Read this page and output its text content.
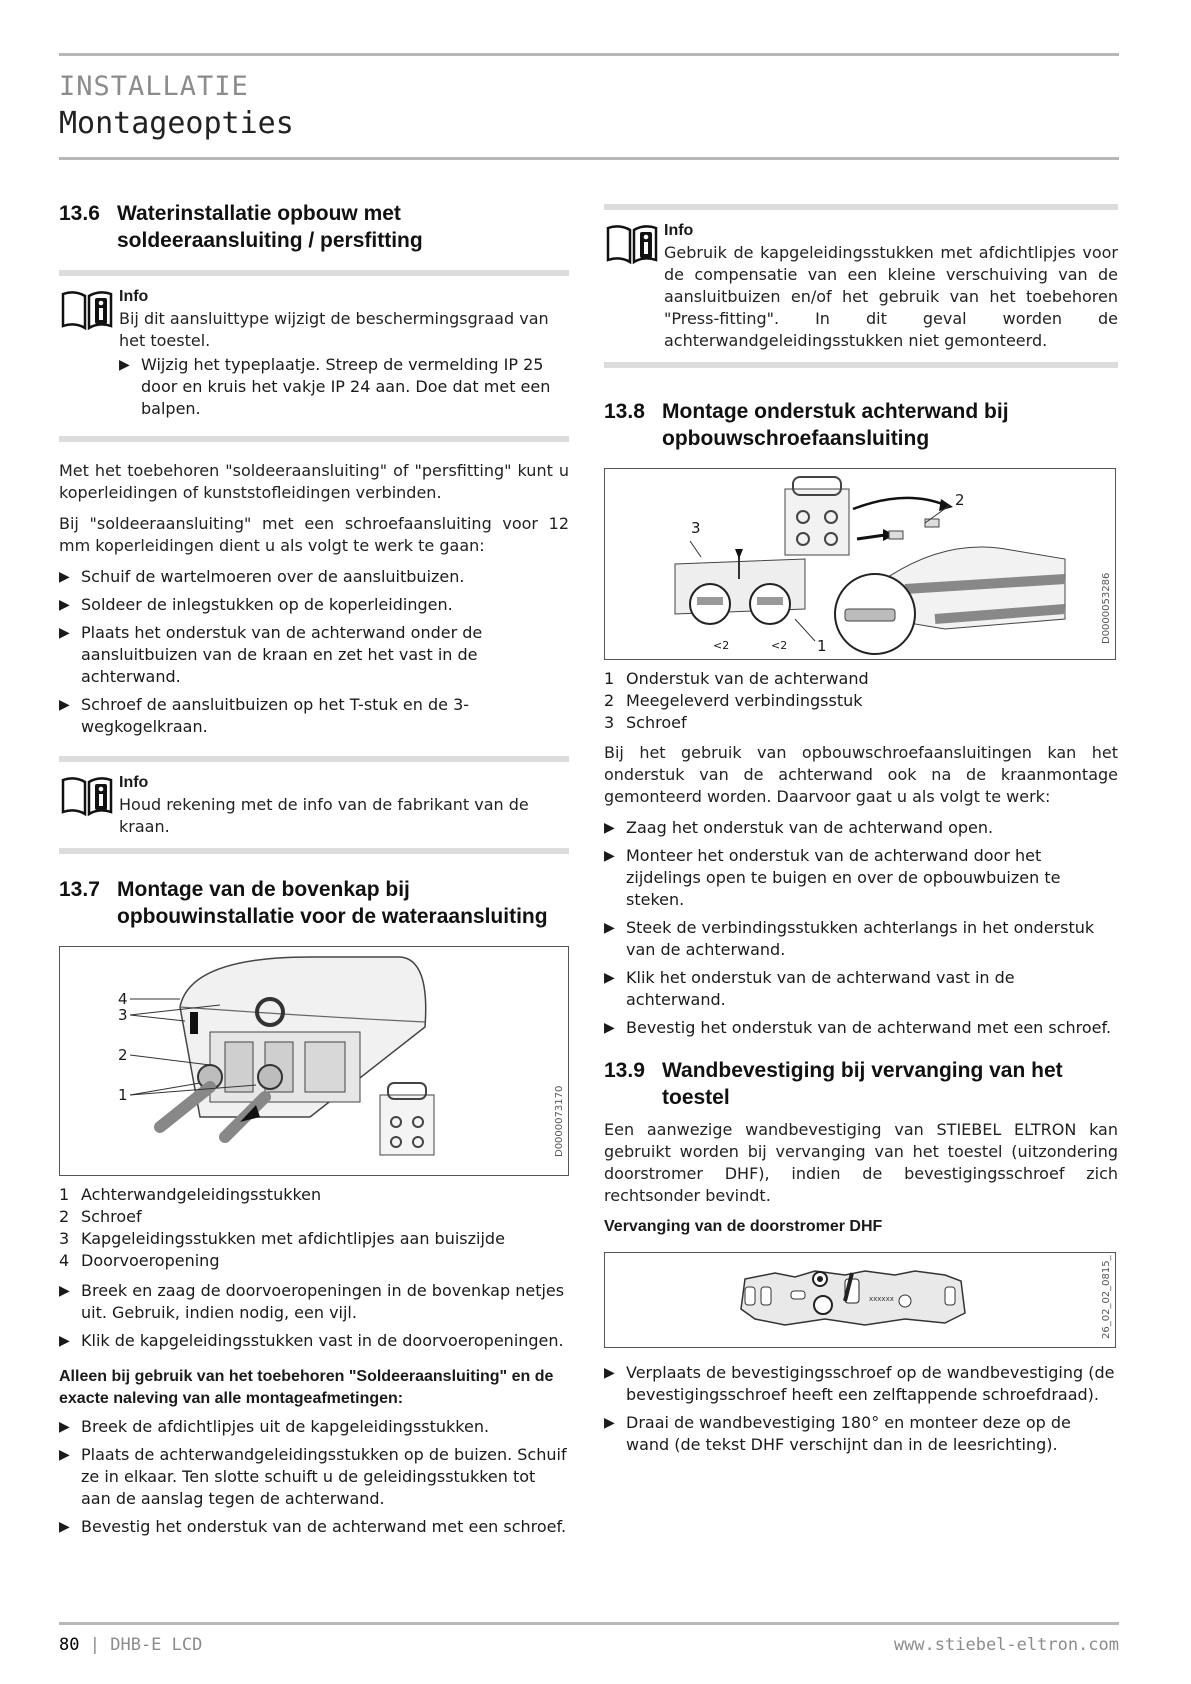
INSTALLATIE
Montageopties
13.6 Waterinstallatie opbouw met soldeeraansluiting / persfitting
Info
Bij dit aansluittype wijzigt de beschermingsgraad van het toestel.
▶ Wijzig het typeplaatje. Streep de vermelding IP 25 door en kruis het vakje IP 24 aan. Doe dat met een balpen.

Met het toebehoren "soldeeraansluiting" of "persfitting" kunt u koperleidingen of kunststofleidingen verbinden.

Bij "soldeeraansluiting" met een schroefaansluiting voor 12 mm koperleidingen dient u als volgt te werk te gaan:

▶ Schuif de wartelmoeren over de aansluitbuizen.
▶ Soldeer de inlegstukken op de koperleidingen.
▶ Plaats het onderstuk van de achterwand onder de aansluitbuizen van de kraan en zet het vast in de achterwand.
▶ Schroef de aansluitbuizen op het T-stuk en de 3-wegkogelkraan.
Info
Houd rekening met de info van de fabrikant van de kraan.
13.7 Montage van de bovenkap bij opbouwinstallatie voor de wateraansluiting
4
3
2
1	D0000073170
1 Achterwandgeleidingsstukken
2 Schroef
3 Kapgeleidingsstukken met afdichtlipjes aan buiszijde
4 Doorvoeropening
▶ Breek en zaag de doorvoeropeningen in de bovenkap netjes uit. Gebruik, indien nodig, een vijl.
▶ Klik de kapgeleidingsstukken vast in de doorvoeropeningen.
Alleen bij gebruik van het toebehoren "Soldeeraansluiting" en de exacte naleving van alle montageafmetingen:
▶ Breek de afdichtlipjes uit de kapgeleidingsstukken.
▶ Plaats de achterwandgeleidingsstukken op de buizen. Schuif ze in elkaar. Ten slotte schuift u de geleidingsstukken tot aan de aanslag tegen de achterwand.
▶ Bevestig het onderstuk van de achterwand met een schroef.
Info
Gebruik de kapgeleidingsstukken met afdichtlipjes voor de compensatie van een kleine verschuiving van de aansluitbuizen en/of het gebruik van het toebehoren "Press-fitting". In dit geval worden de achterwandgeleidingsstukken niet gemonteerd.
13.8 Montage onderstuk achterwand bij opbouwschroefaansluiting
2
3
1
<2	<2
D0000053286
1 Onderstuk van de achterwand
2 Meegeleverd verbindingsstuk
3 Schroef

Bij het gebruik van opbouwschroefaansluitingen kan het onderstuk van de achterwand ook na de kraanmontage gemonteerd worden. Daarvoor gaat u als volgt te werk:

▶ Zaag het onderstuk van de achterwand open.
▶ Monteer het onderstuk van de achterwand door het zijdelings open te buigen en over de opbouwbuizen te steken.
▶ Steek de verbindingsstukken achterlangs in het onderstuk van de achterwand.
▶ Klik het onderstuk van de achterwand vast in de achterwand.
▶ Bevestig het onderstuk van de achterwand met een schroef.
13.9 Wandbevestiging bij vervanging van het toestel

Een aanwezige wandbevestiging van STIEBEL ELTRON kan gebruikt worden bij vervanging van het toestel (uitzondering doorstromer DHF), indien de bevestigingsschroef zich rechtsonder bevindt.

Vervanging van de doorstromer DHF
xxxxxx	26_02_02_0815_
▶ Verplaats de bevestigingsschroef op de wandbevestiging (de bevestigingsschroef heeft een zelftappende schroefdraad).
▶ Draai de wandbevestiging 180° en monteer deze op de wand (de tekst DHF verschijnt dan in de leesrichting).
80 | DHB-E LCD	www.stiebel-eltron.com
